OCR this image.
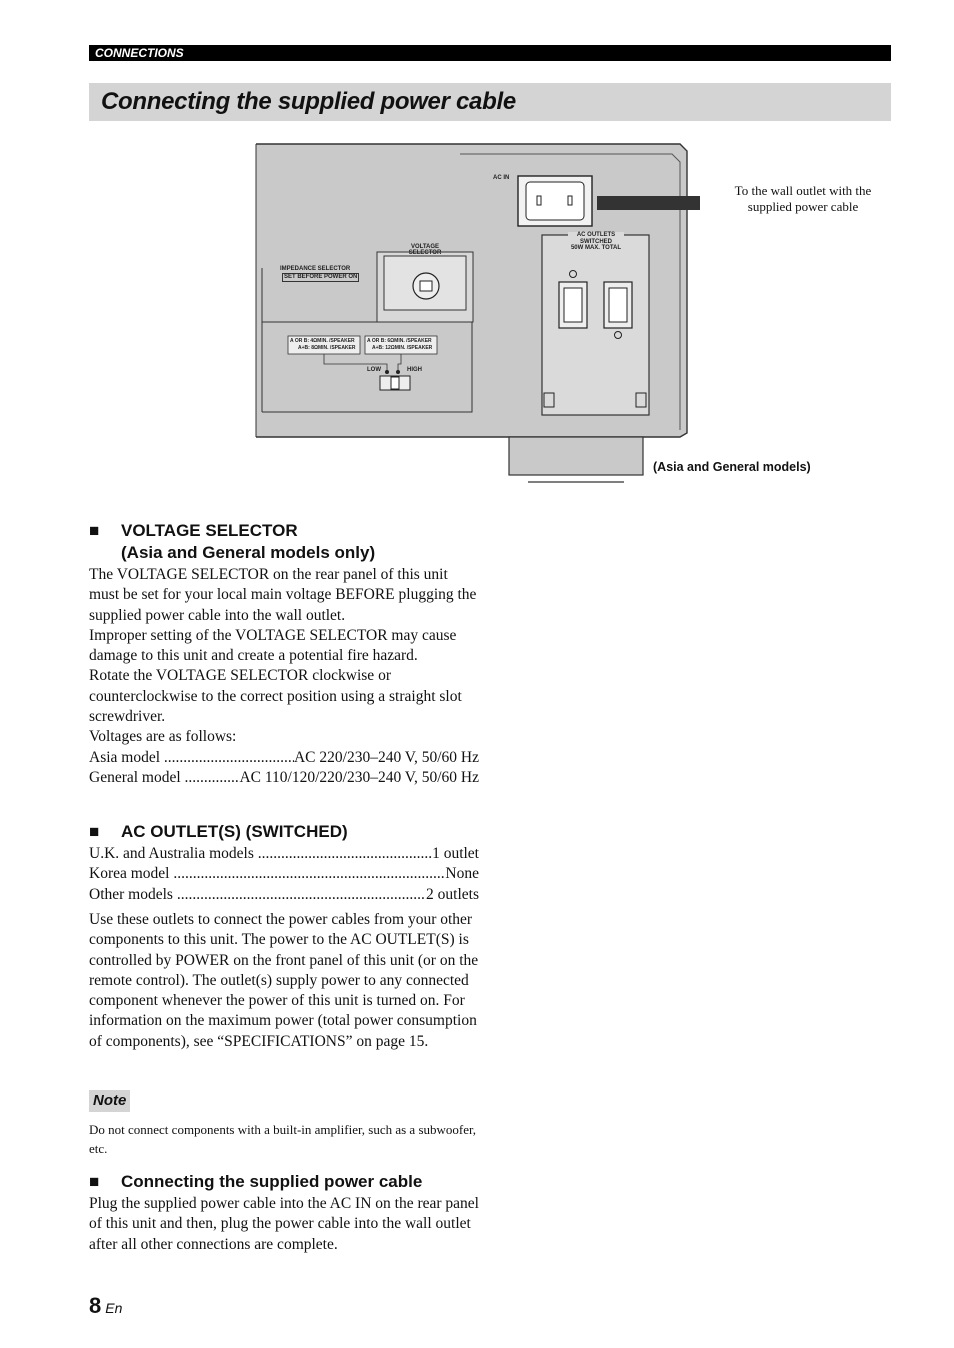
CONNECTIONS
Connecting the supplied power cable
AC IN
VOLTAGE
SELECTOR
IMPEDANCE SELECTOR
SET BEFORE POWER ON
AC OUTLETS
SWITCHED
50W MAX. TOTAL
A OR B: 4ΩMIN. /SPEAKER
A+B: 8ΩMIN. /SPEAKER
A OR B: 6ΩMIN. /SPEAKER
A+B: 12ΩMIN. /SPEAKER
LOW	HIGH
To the wall outlet with the supplied power cable
(Asia and General models)
■ VOLTAGE SELECTOR
(Asia and General models only)

The VOLTAGE SELECTOR on the rear panel of this unit must be set for your local main voltage BEFORE plugging the supplied power cable into the wall outlet.

Improper setting of the VOLTAGE SELECTOR may cause damage to this unit and create a potential fire hazard.

Rotate the VOLTAGE SELECTOR clockwise or counterclockwise to the correct position using a straight slot screwdriver.

Voltages are as follows:

Asia model .....	AC 220/230–240 V, 50/60 Hz
General model .....	AC 110/120/220/230–240 V, 50/60 Hz
■ AC OUTLET(S) (SWITCHED)
U.K. and Australia models .....	1 outlet
Korea model .....	None
Other models .....	2 outlets

Use these outlets to connect the power cables from your other components to this unit. The power to the AC OUTLET(S) is controlled by POWER on the front panel of this unit (or on the remote control). The outlet(s) supply power to any connected component whenever the power of this unit is turned on. For information on the maximum power (total power consumption of components), see “SPECIFICATIONS” on page 15.

Note
Do not connect components with a built-in amplifier, such as a subwoofer, etc.
■ Connecting the supplied power cable

Plug the supplied power cable into the AC IN on the rear panel of this unit and then, plug the power cable into the wall outlet after all other connections are complete.

8 En
